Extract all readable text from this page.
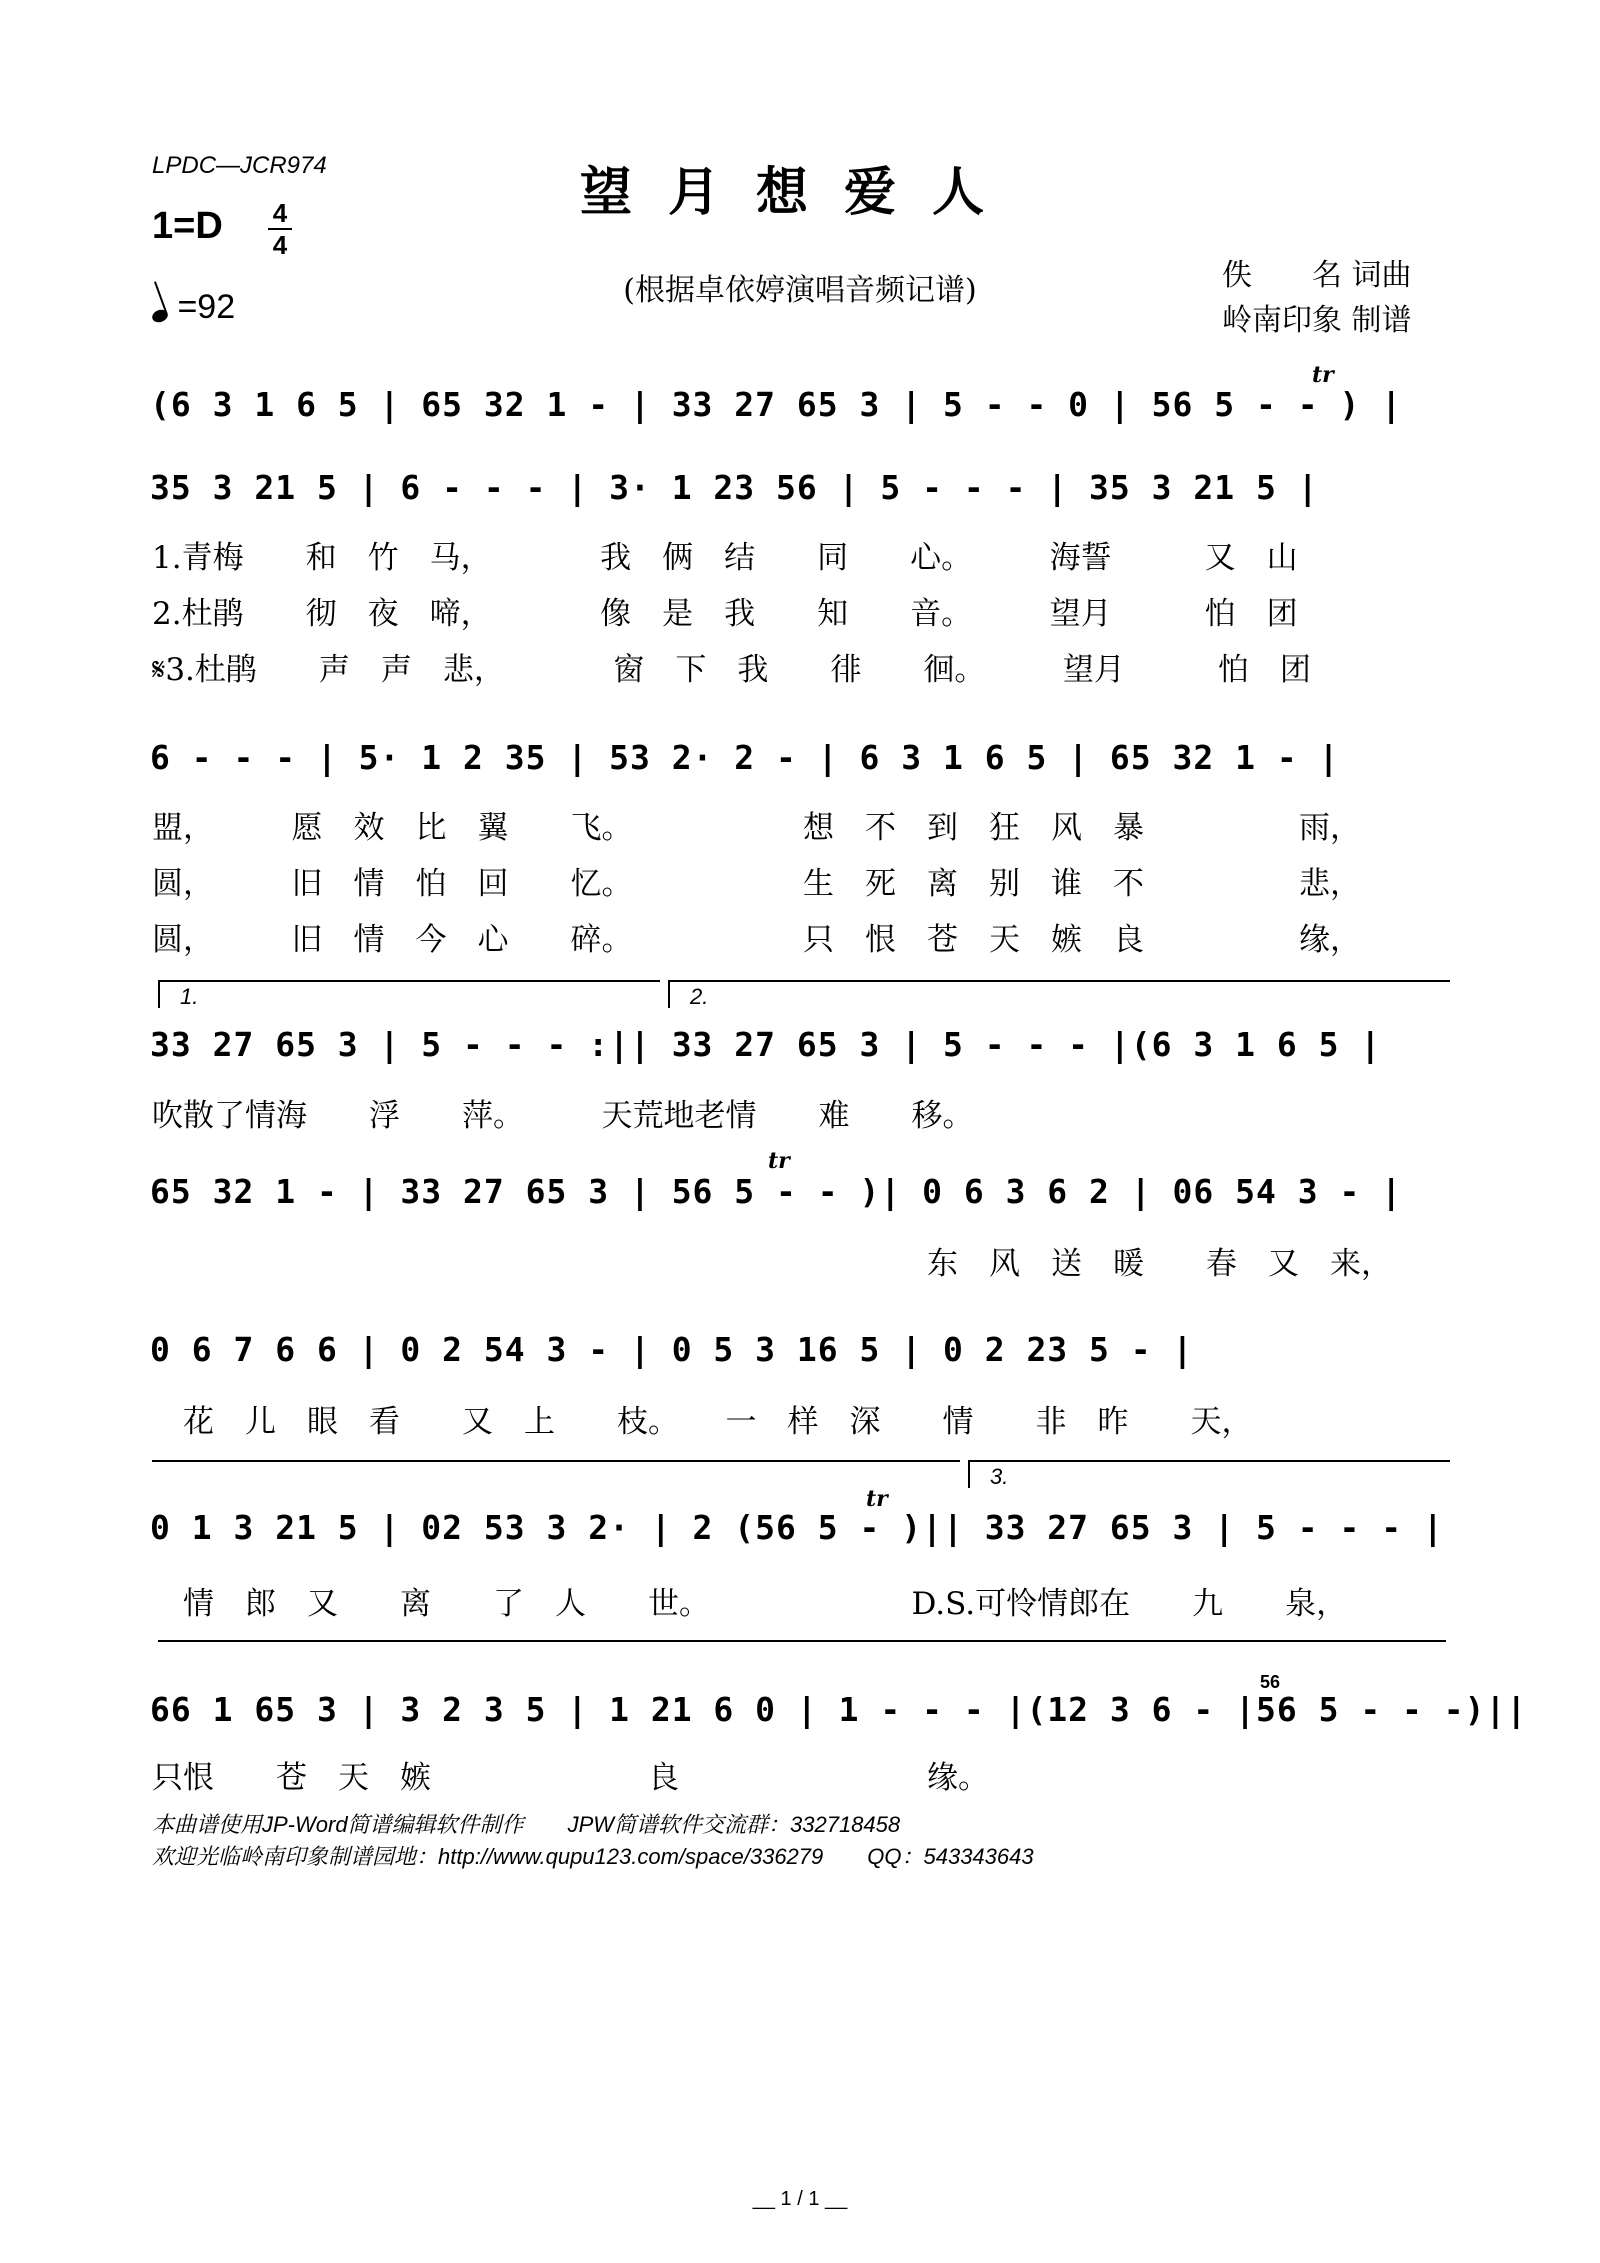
LPDC—JCR974	望月想爱人
1=D 4
4
=92	(根据卓依婷演唱音频记谱)	佚　　名 词曲
岭南印象 制谱
tr
(6 3 1 6 5 | 65 32 1 - | 33 27 65 3 | 5 - - 0 | 56 5 - - ) |
35 3 21 5 | 6 - - - | 3· 1 23 56 | 5 - - - | 35 3 21 5 |
1.青梅　　和　竹　马，　　　　我　俩　结　　同　　心。　　　海誓　　　又　山
2.杜鹃　　彻　夜　啼，　　　　像　是　我　　知　　音。　　　望月　　　怕　团
𝄋3.杜鹃　　声　声　悲，　　　　窗　下　我　　徘　　徊。　　　望月　　　怕　团
6 - - - | 5· 1 2 35 | 53 2· 2 - | 6 3 1 6 5 | 65 32 1 - |
盟，　　　愿　效　比　翼　　飞。　　　　　　想　不　到　狂　风　暴　　　　　雨，
圆，　　　旧　情　怕　回　　忆。　　　　　　生　死　离　别　谁　不　　　　　悲，
圆，　　　旧　情　今　心　　碎。　　　　　　只　恨　苍　天　嫉　良　　　　　缘，
1.	2.
33 27 65 3 | 5 - - - :|| 33 27 65 3 | 5 - - - |(6 3 1 6 5 |
吹散了情海　　浮　　萍。　　　天荒地老情　　难　　移。
tr
65 32 1 - | 33 27 65 3 | 56 5 - - )| 0 6 3 6 2 | 06 54 3 - |
　　　　　　　　　　　　　　　　　　　　　　　　　东　风　送　暖　　春　又　来，
0 6 7 6 6 | 0 2 54 3 - | 0 5 3 16 5 | 0 2 23 5 - |
　花　儿　眼　看　　又　上　　枝。　　一　样　深　　情　　非　昨　　天，
3.
tr
0 1 3 21 5 | 02 53 3 2· | 2 (56 5 - )|| 33 27 65 3 | 5 - - - |
　情　郎　又　　离　　了　人　　世。　　　　　　　D.S.可怜情郎在　　九　　泉，
66 1 65 3 | 3 2 3 5 | 1 21 6 0 | 1 - - - |(12 3 6 - |56 5 - - -)||
56
只恨　　苍　天　嫉　　　　　　　良　　　　　　　　缘。
本曲谱使用JP-Word简谱编辑软件制作　　JPW简谱软件交流群：332718458
欢迎光临岭南印象制谱园地：http://www.qupu123.com/space/336279　　QQ：543343643
__ 1 / 1 __
